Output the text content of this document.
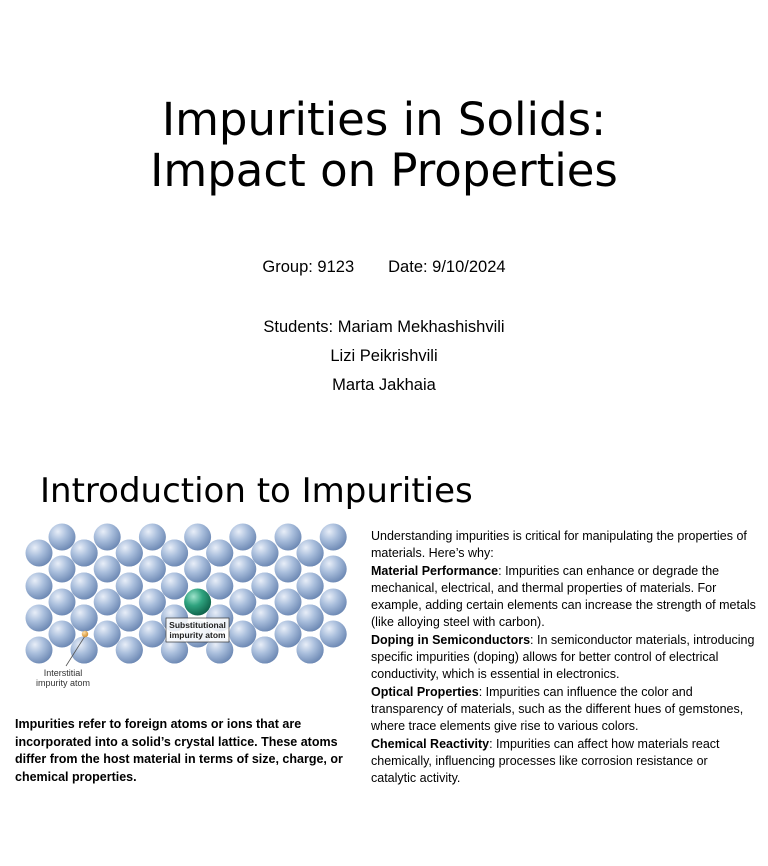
Impurities in Solids:
Impact on Properties
Group: 9123 Date: 9/10/2024
Students: Mariam Mekhashishvili
Lizi Peikrishvili
Marta Jakhaia
Introduction to Impurities
Substitutional
impurity atom
Interstitial
impurity atom
Impurities refer to foreign atoms or ions that are incorporated into a solid’s crystal lattice. These atoms differ from the host material in terms of size, charge, or chemical properties.

Understanding impurities is critical for manipulating the properties of materials. Here’s why:

Material Performance: Impurities can enhance or degrade the mechanical, electrical, and thermal properties of materials. For example, adding certain elements can increase the strength of metals (like alloying steel with carbon).

Doping in Semiconductors: In semiconductor materials, introducing specific impurities (doping) allows for better control of electrical conductivity, which is essential in electronics.

Optical Properties: Impurities can influence the color and transparency of materials, such as the different hues of gemstones, where trace elements give rise to various colors.

Chemical Reactivity: Impurities can affect how materials react chemically, influencing processes like corrosion resistance or catalytic activity.
